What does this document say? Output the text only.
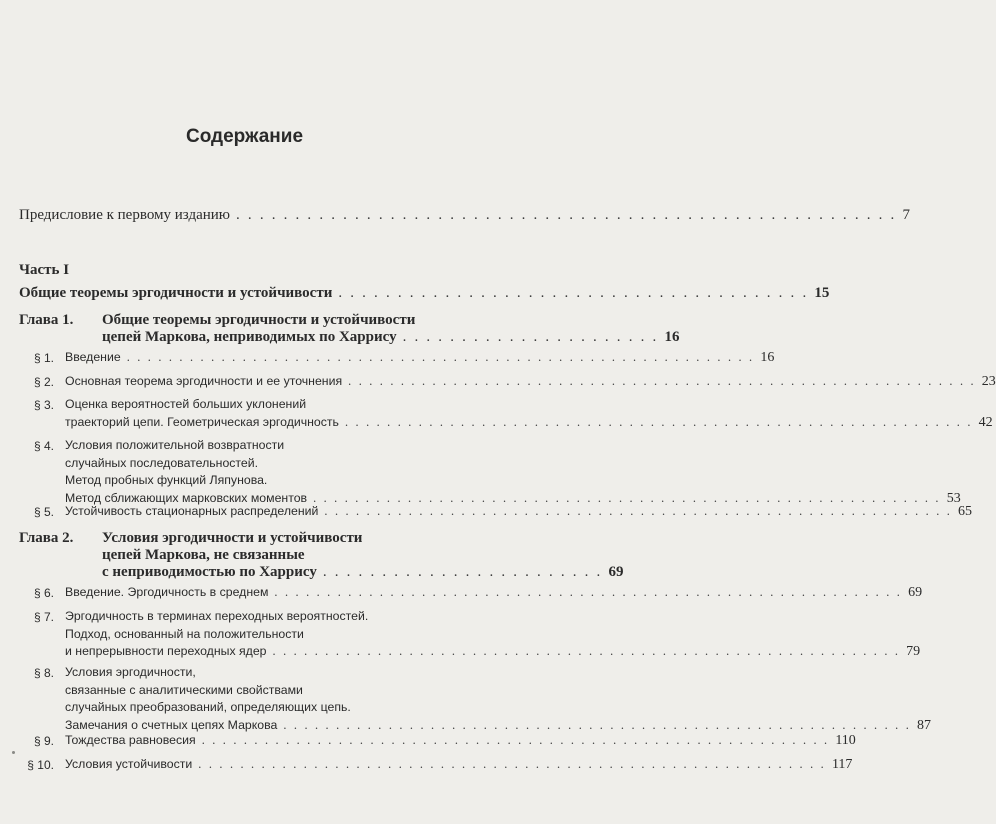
Содержание
Предисловие к первому изданию . . . . . . . . . . . . . . . . . . . . . . . . . . . . . . . . . . . . . . . . . . . . . . . . . . . . . . . . 7
Часть I
Общие теоремы эргодичности и устойчивости . . . . . . . . . . . . . . . . . . . . . . . . . . . . . . . . . . . . . . . . 15
Глава 1.	Общие теоремы эргодичности и устойчивости
цепей Маркова, неприводимых по Харрису . . . . . . . . . . . . . . . . . . . . . . 16
§ 1. Введение . . . . . . . . . . . . . . . . . . . . . . . . . . . . . . . . . . . . . . . . . . . . . . . . . . . . . . . . . . . . 16
§ 2. Основная теорема эргодичности и ее уточнения . . . . . . . . . . . . . . . . . . . . . . . . . . . . . . . . . . . . . . . . . . . . . . . . . . . . . . . . . . . . 23
§ 3. Оценка вероятностей больших уклонений
траекторий цепи. Геометрическая эргодичность . . . . . . . . . . . . . . . . . . . . . . . . . . . . . . . . . . . . . . . . . . . . . . . . . . . . . . . . . . . . 42
§ 4. Условия положительной возвратности
случайных последовательностей.
Метод пробных функций Ляпунова.
Метод сближающих марковских моментов . . . . . . . . . . . . . . . . . . . . . . . . . . . . . . . . . . . . . . . . . . . . . . . . . . . . . . . . . . . . 53
§ 5. Устойчивость стационарных распределений . . . . . . . . . . . . . . . . . . . . . . . . . . . . . . . . . . . . . . . . . . . . . . . . . . . . . . . . . . . . 65
Глава 2.	Условия эргодичности и устойчивости
цепей Маркова, не связанные
с неприводимостью по Харрису . . . . . . . . . . . . . . . . . . . . . . . . 69
§ 6. Введение. Эргодичность в среднем . . . . . . . . . . . . . . . . . . . . . . . . . . . . . . . . . . . . . . . . . . . . . . . . . . . . . . . . . . . . 69
§ 7. Эргодичность в терминах переходных вероятностей.
Подход, основанный на положительности
и непрерывности переходных ядер . . . . . . . . . . . . . . . . . . . . . . . . . . . . . . . . . . . . . . . . . . . . . . . . . . . . . . . . . . . . 79
§ 8. Условия эргодичности,
связанные с аналитическими свойствами
случайных преобразований, определяющих цепь.
Замечания о счетных цепях Маркова . . . . . . . . . . . . . . . . . . . . . . . . . . . . . . . . . . . . . . . . . . . . . . . . . . . . . . . . . . . . 87
§ 9. Тождества равновесия . . . . . . . . . . . . . . . . . . . . . . . . . . . . . . . . . . . . . . . . . . . . . . . . . . . . . . . . . . . . 110
§ 10. Условия устойчивости . . . . . . . . . . . . . . . . . . . . . . . . . . . . . . . . . . . . . . . . . . . . . . . . . . . . . . . . . . . . 117
